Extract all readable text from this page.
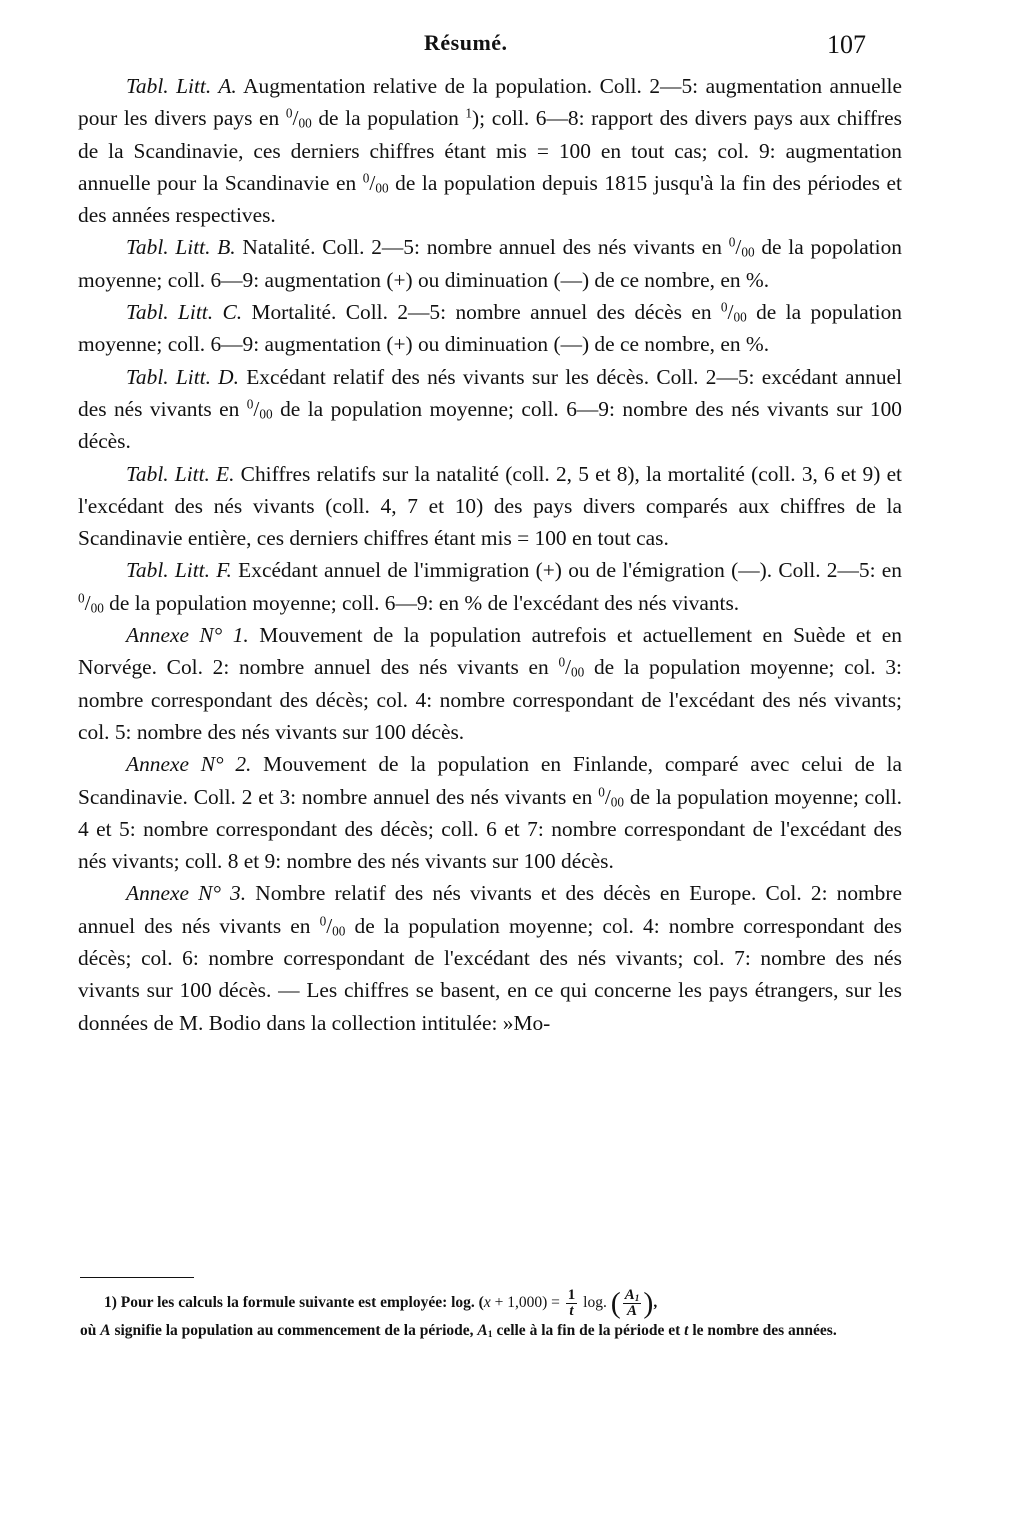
Résumé.	107

Tabl. Litt. A. Augmentation relative de la population. Coll. 2—5: augmentation annuelle pour les divers pays en $^0$/00 de la population $^1$); coll. 6—8: rapport des divers pays aux chiffres de la Scandinavie, ces derniers chiffres étant mis = 100 en tout cas; col. 9: augmentation annuelle pour la Scandinavie en $^0$/00 de la population depuis 1815 jusqu'à la fin des périodes et des années respectives.

Tabl. Litt. B. Natalité. Coll. 2—5: nombre annuel des nés vivants en $^0$/00 de la popolation moyenne; coll. 6—9: augmentation (+) ou diminuation (—) de ce nombre, en %.

Tabl. Litt. C. Mortalité. Coll. 2—5: nombre annuel des décès en $^0$/00 de la population moyenne; coll. 6—9: augmentation (+) ou diminuation (—) de ce nombre, en %.

Tabl. Litt. D. Excédant relatif des nés vivants sur les décès. Coll. 2—5: excédant annuel des nés vivants en $^0$/00 de la population moyenne; coll. 6—9: nombre des nés vivants sur 100 décès.

Tabl. Litt. E. Chiffres relatifs sur la natalité (coll. 2, 5 et 8), la mortalité (coll. 3, 6 et 9) et l'excédant des nés vivants (coll. 4, 7 et 10) des pays divers comparés aux chiffres de la Scandinavie entière, ces derniers chiffres étant mis = 100 en tout cas.

Tabl. Litt. F. Excédant annuel de l'immigration (+) ou de l'émigration (—). Coll. 2—5: en $^0$/00 de la population moyenne; coll. 6—9: en % de l'excédant des nés vivants.

Annexe N° 1. Mouvement de la population autrefois et actuellement en Suède et en Norvége. Col. 2: nombre annuel des nés vivants en $^0$/00 de la population moyenne; col. 3: nombre correspondant des décès; col. 4: nombre correspondant de l'excédant des nés vivants; col. 5: nombre des nés vivants sur 100 décès.

Annexe N° 2. Mouvement de la population en Finlande, comparé avec celui de la Scandinavie. Coll. 2 et 3: nombre annuel des nés vivants en $^0$/00 de la population moyenne; coll. 4 et 5: nombre correspondant des décès; coll. 6 et 7: nombre correspondant de l'excédant des nés vivants; coll. 8 et 9: nombre des nés vivants sur 100 décès.

Annexe N° 3. Nombre relatif des nés vivants et des décès en Europe. Col. 2: nombre annuel des nés vivants en $^0$/00 de la population moyenne; col. 4: nombre correspondant des décès; col. 6: nombre correspondant de l'excédant des nés vivants; col. 7: nombre des nés vivants sur 100 décès. — Les chiffres se basent, en ce qui concerne les pays étrangers, sur les données de M. Bodio dans la collection intitulée: »Mo-

1) Pour les calculs la formule suivante est employée: log. $(x + 1,000) = \frac{1}{t} \log$. ( $\frac{A1}{A}$ ),
où A signifie la population au commencement de la période, $A_1$ celle à la fin de la période et t le nombre des années.
